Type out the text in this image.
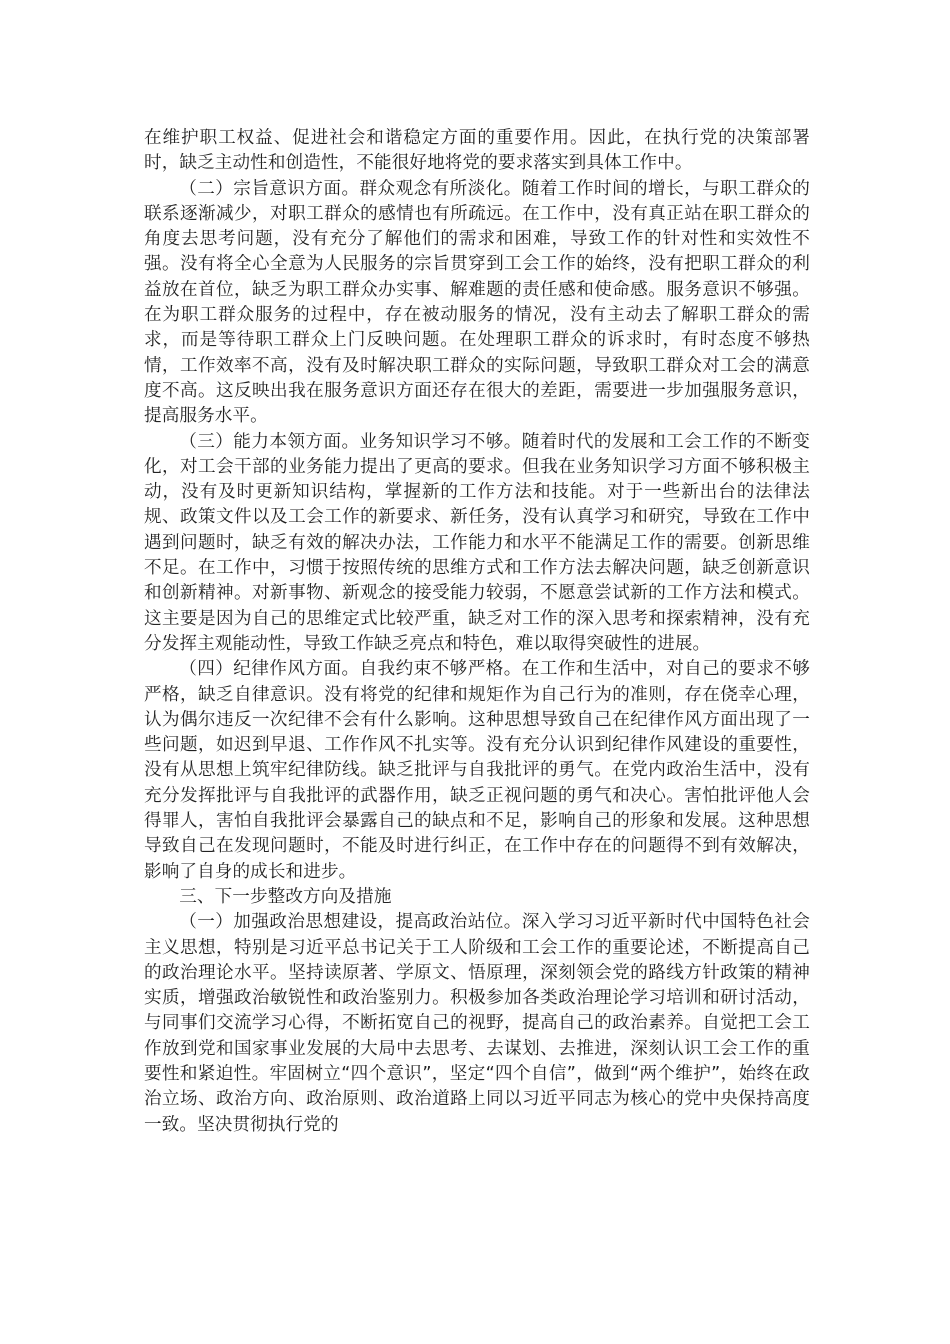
在维护职工权益、促进社会和谐稳定方面的重要作用。因此，在执行党的决策部署时，缺乏主动性和创造性，不能很好地将党的要求落实到具体工作中。

（二）宗旨意识方面。群众观念有所淡化。随着工作时间的增长，与职工群众的联系逐渐减少，对职工群众的感情也有所疏远。在工作中，没有真正站在职工群众的角度去思考问题，没有充分了解他们的需求和困难，导致工作的针对性和实效性不强。没有将全心全意为人民服务的宗旨贯穿到工会工作的始终，没有把职工群众的利益放在首位，缺乏为职工群众办实事、解难题的责任感和使命感。服务意识不够强。在为职工群众服务的过程中，存在被动服务的情况，没有主动去了解职工群众的需求，而是等待职工群众上门反映问题。在处理职工群众的诉求时，有时态度不够热情，工作效率不高，没有及时解决职工群众的实际问题，导致职工群众对工会的满意度不高。这反映出我在服务意识方面还存在很大的差距，需要进一步加强服务意识，提高服务水平。

（三）能力本领方面。业务知识学习不够。随着时代的发展和工会工作的不断变化，对工会干部的业务能力提出了更高的要求。但我在业务知识学习方面不够积极主动，没有及时更新知识结构，掌握新的工作方法和技能。对于一些新出台的法律法规、政策文件以及工会工作的新要求、新任务，没有认真学习和研究，导致在工作中遇到问题时，缺乏有效的解决办法，工作能力和水平不能满足工作的需要。创新思维不足。在工作中，习惯于按照传统的思维方式和工作方法去解决问题，缺乏创新意识和创新精神。对新事物、新观念的接受能力较弱，不愿意尝试新的工作方法和模式。这主要是因为自己的思维定式比较严重，缺乏对工作的深入思考和探索精神，没有充分发挥主观能动性，导致工作缺乏亮点和特色，难以取得突破性的进展。

（四）纪律作风方面。自我约束不够严格。在工作和生活中，对自己的要求不够严格，缺乏自律意识。没有将党的纪律和规矩作为自己行为的准则，存在侥幸心理，认为偶尔违反一次纪律不会有什么影响。这种思想导致自己在纪律作风方面出现了一些问题，如迟到早退、工作作风不扎实等。没有充分认识到纪律作风建设的重要性，没有从思想上筑牢纪律防线。缺乏批评与自我批评的勇气。在党内政治生活中，没有充分发挥批评与自我批评的武器作用，缺乏正视问题的勇气和决心。害怕批评他人会得罪人，害怕自我批评会暴露自己的缺点和不足，影响自己的形象和发展。这种思想导致自己在发现问题时，不能及时进行纠正，在工作中存在的问题得不到有效解决，影响了自身的成长和进步。

三、下一步整改方向及措施

（一）加强政治思想建设，提高政治站位。深入学习习近平新时代中国特色社会主义思想，特别是习近平总书记关于工人阶级和工会工作的重要论述，不断提高自己的政治理论水平。坚持读原著、学原文、悟原理，深刻领会党的路线方针政策的精神实质，增强政治敏锐性和政治鉴别力。积极参加各类政治理论学习培训和研讨活动，与同事们交流学习心得，不断拓宽自己的视野，提高自己的政治素养。自觉把工会工作放到党和国家事业发展的大局中去思考、去谋划、去推进，深刻认识工会工作的重要性和紧迫性。牢固树立“四个意识”，坚定“四个自信”，做到“两个维护”，始终在政治立场、政治方向、政治原则、政治道路上同以习近平同志为核心的党中央保持高度一致。坚决贯彻执行党的
